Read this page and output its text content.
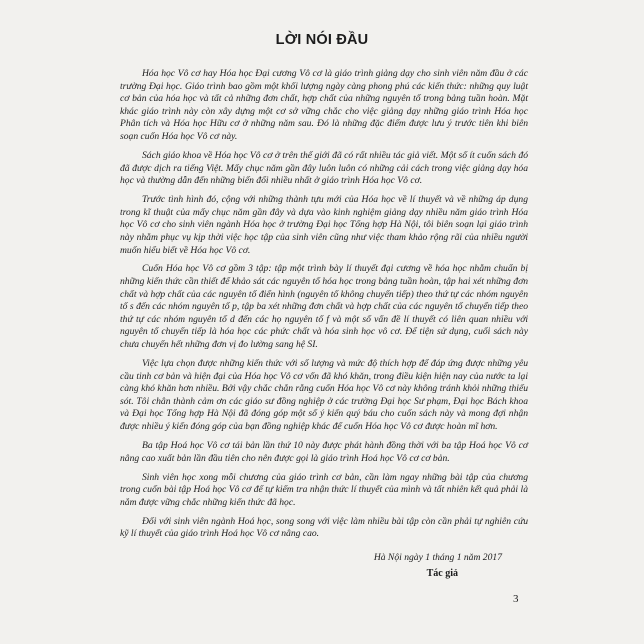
LỜI NÓI ĐẦU

Hóa học Vô cơ hay Hóa học Đại cương Vô cơ là giáo trình giảng dạy cho sinh viên năm đầu ở các trường Đại học. Giáo trình bao gồm một khối lượng ngày càng phong phú các kiến thức: những quy luật cơ bản của hóa học và tất cả những đơn chất, hợp chất của những nguyên tố trong bảng tuần hoàn. Mặt khác giáo trình này còn xây dựng một cơ sở vững chắc cho việc giảng dạy những giáo trình Hóa học Phân tích và Hóa học Hữu cơ ở những năm sau. Đó là những đặc điểm được lưu ý trước tiên khi biên soạn cuốn Hóa học Vô cơ này.

Sách giáo khoa về Hóa học Vô cơ ở trên thế giới đã có rất nhiều tác giả viết. Một số ít cuốn sách đó đã được dịch ra tiếng Việt. Mấy chục năm gần đây luôn luôn có những cải cách trong việc giảng dạy hóa học và thường dẫn đến những biến đổi nhiều nhất ở giáo trình Hóa học Vô cơ.

Trước tình hình đó, cộng với những thành tựu mới của Hóa học về lí thuyết và về những áp dụng trong kĩ thuật của mấy chục năm gần đây và dựa vào kinh nghiệm giảng dạy nhiều năm giáo trình Hóa học Vô cơ cho sinh viên ngành Hóa học ở trường Đại học Tổng hợp Hà Nội, tôi biên soạn lại giáo trình này nhằm phục vụ kịp thời việc học tập của sinh viên cũng như việc tham khảo rộng rãi của nhiều người muốn hiểu biết về Hóa học Vô cơ.

Cuốn Hóa học Vô cơ gồm 3 tập: tập một trình bày lí thuyết đại cương về hóa học nhằm chuẩn bị những kiến thức cần thiết để khảo sát các nguyên tố hóa học trong bảng tuần hoàn, tập hai xét những đơn chất và hợp chất của các nguyên tố điển hình (nguyên tố không chuyển tiếp) theo thứ tự các nhóm nguyên tố s đến các nhóm nguyên tố p, tập ba xét những đơn chất và hợp chất của các nguyên tố chuyển tiếp theo thứ tự các nhóm nguyên tố d đến các họ nguyên tố f và một số vấn đề lí thuyết có liên quan nhiều với nguyên tố chuyển tiếp là hóa học các phức chất và hóa sinh học vô cơ. Để tiện sử dụng, cuối sách này chưa chuyển hết những đơn vị đo lường sang hệ SI.

Việc lựa chọn được những kiến thức với số lượng và mức độ thích hợp để đáp ứng được những yêu cầu tinh cơ bản và hiện đại của Hóa học Vô cơ vốn đã khó khăn, trong điều kiện hiện nay của nước ta lại càng khó khăn hơn nhiều. Bởi vậy chắc chắn rằng cuốn Hóa học Vô cơ này không tránh khỏi những thiếu sót. Tôi chân thành cảm ơn các giáo sư đồng nghiệp ở các trường Đại học Sư phạm, Đại học Bách khoa và Đại học Tổng hợp Hà Nội đã đóng góp một số ý kiến quý báu cho cuốn sách này và mong đợi nhận được nhiều ý kiến đóng góp của bạn đồng nghiệp khác để cuốn Hóa học Vô cơ được hoàn mĩ hơn.

Ba tập Hoá học Vô cơ tái bản lần thứ 10 này được phát hành đồng thời với ba tập Hoá học Vô cơ nâng cao xuất bản lần đầu tiên cho nên được gọi là giáo trình Hoá học Vô cơ cơ bản.

Sinh viên học xong mỗi chương của giáo trình cơ bản, cần làm ngay những bài tập của chương trong cuốn bài tập Hoá học Vô cơ để tự kiểm tra nhận thức lí thuyết của mình và tất nhiên kết quả phải là nắm được vững chắc những kiến thức đã học.

Đối với sinh viên ngành Hoá học, song song với việc làm nhiều bài tập còn cần phải tự nghiên cứu kỹ lí thuyết của giáo trình Hoá học Vô cơ nâng cao.

Hà Nội ngày 1 tháng 1 năm 2017
Tác giả
3
